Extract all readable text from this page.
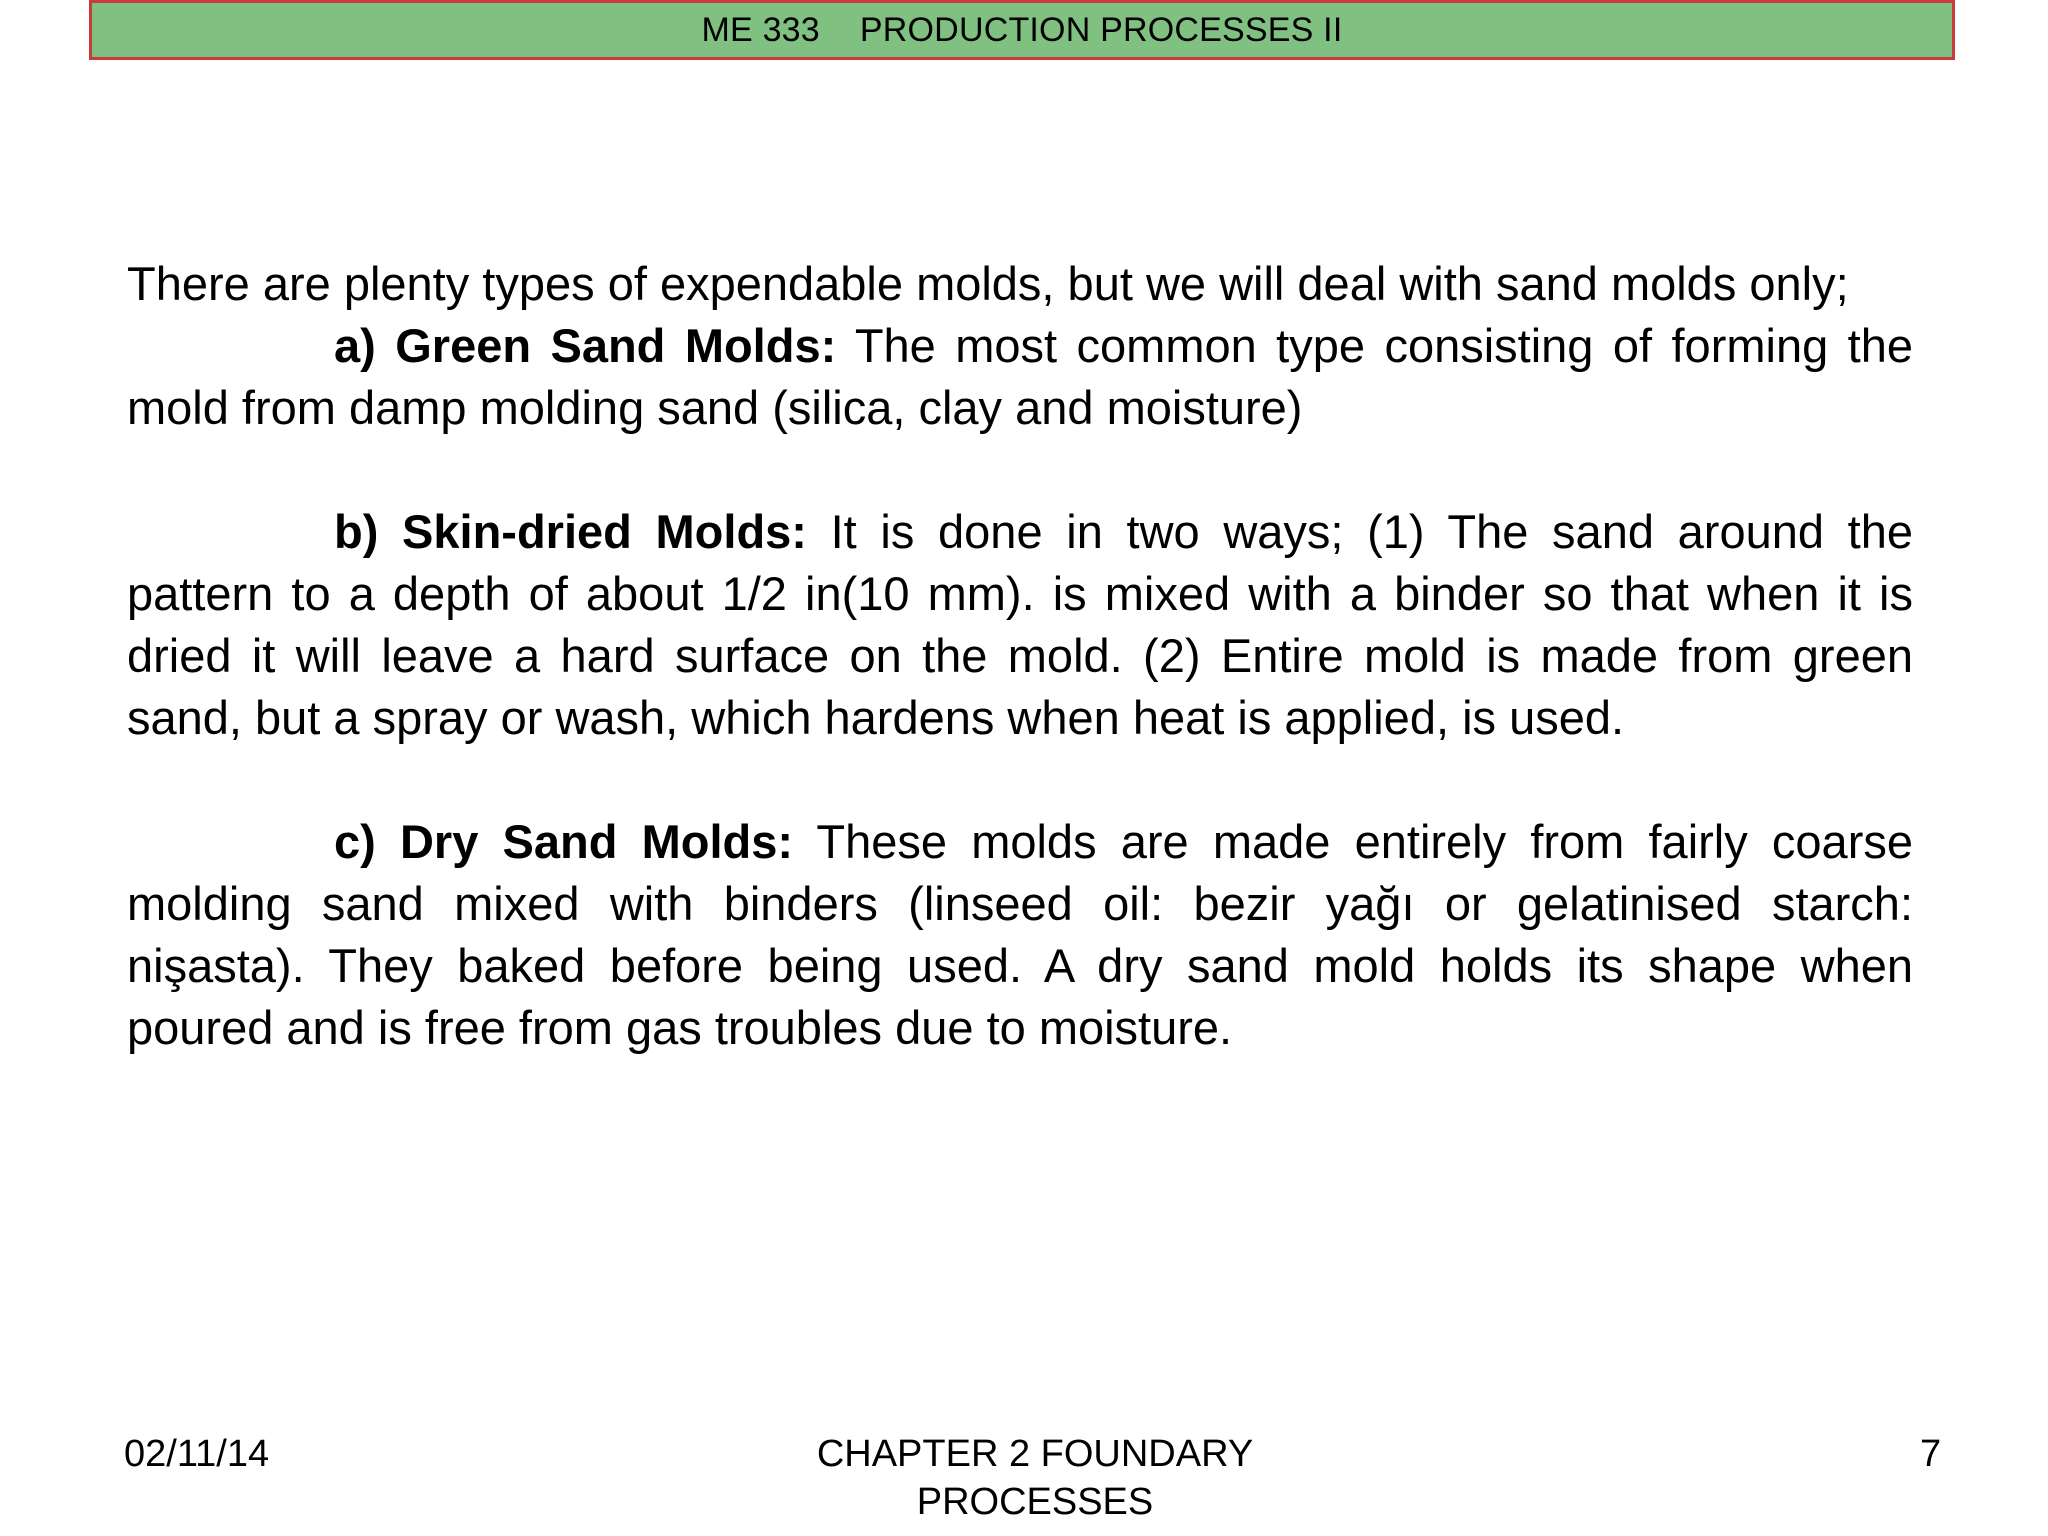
ME 333 PRODUCTION PROCESSES II

There are plenty types of expendable molds, but we will deal with sand molds only;

a) Green Sand Molds: The most common type consisting of forming the mold from damp molding sand (silica, clay and moisture)

b) Skin-dried Molds: It is done in two ways; (1) The sand around the pattern to a depth of about 1/2 in(10 mm). is mixed with a binder so that when it is dried it will leave a hard surface on the mold. (2) Entire mold is made from green sand, but a spray or wash, which hardens when heat is applied, is used.

c) Dry Sand Molds: These molds are made entirely from fairly coarse molding sand mixed with binders (linseed oil: bezir yağı or gelatinised starch: nişasta). They baked before being used. A dry sand mold holds its shape when poured and is free from gas troubles due to moisture.

02/11/14	CHAPTER 2 FOUNDARY PROCESSES
7
